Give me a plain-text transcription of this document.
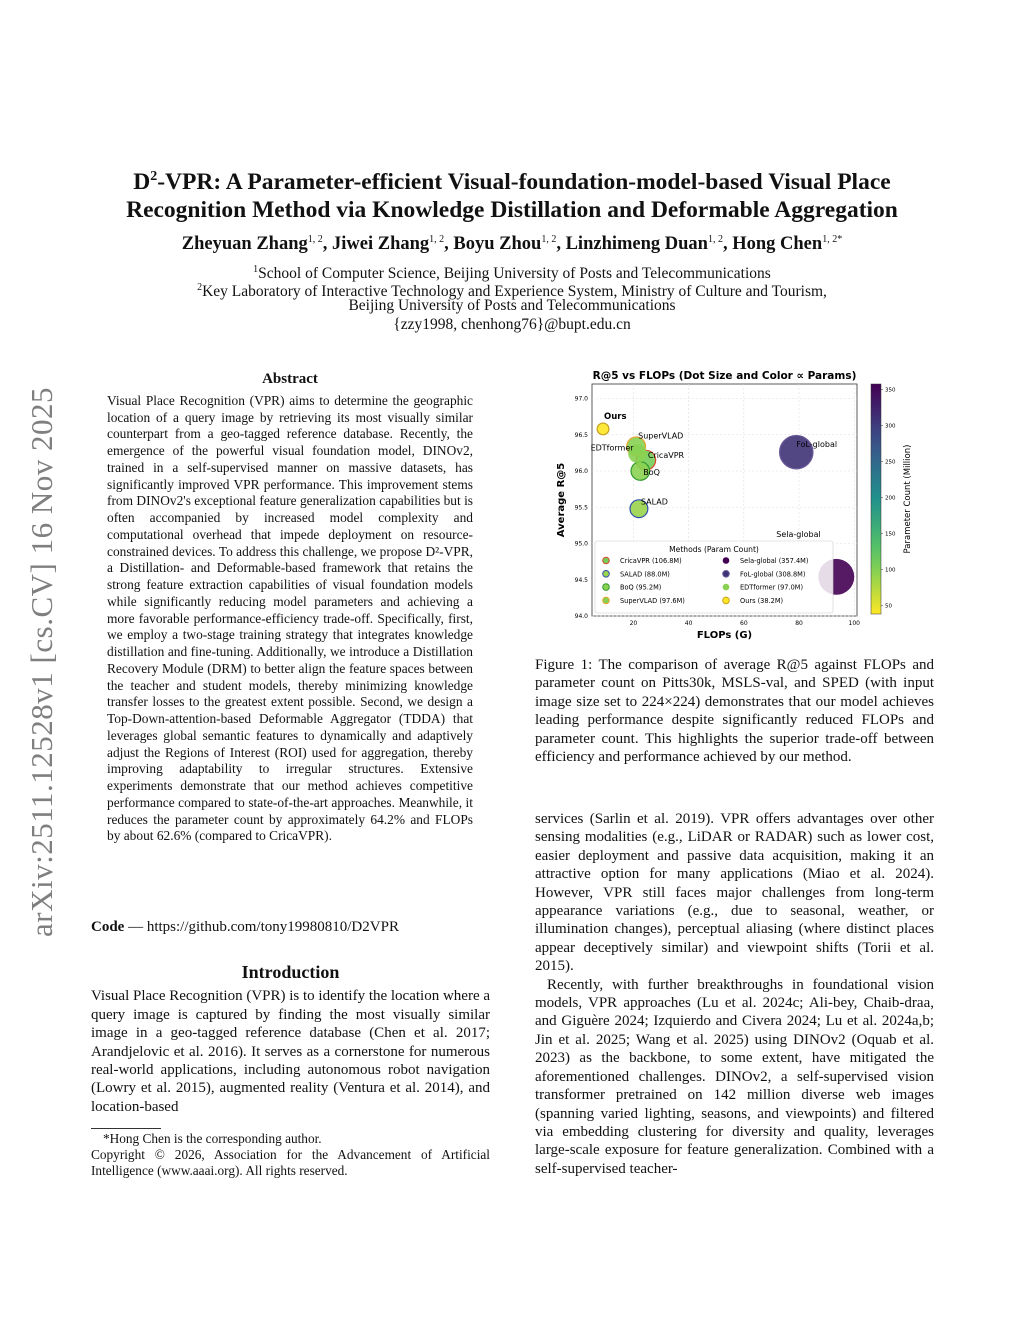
arXiv:2511.12528v1 [cs.CV] 16 Nov 2025
$D^2$-VPR: A Parameter-efficient Visual-foundation-model-based Visual Place
Recognition Method via Knowledge Distillation and Deformable Aggregation
Zheyuan Zhang$^{1, 2}$, Jiwei Zhang$^{1, 2}$, Boyu Zhou$^{1, 2}$, Linzhimeng Duan$^{1, 2}$, Hong Chen$^{1, 2*}$
$^1$School of Computer Science, Beijing University of Posts and Telecommunications
$^2$Key Laboratory of Interactive Technology and Experience System, Ministry of Culture and Tourism,
Beijing University of Posts and Telecommunications
{zzy1998, chenhong76}@bupt.edu.cn
Abstract

Visual Place Recognition (VPR) aims to determine the geographic location of a query image by retrieving its most visually similar counterpart from a geo-tagged reference database. Recently, the emergence of the powerful visual foundation model, DINOv2, trained in a self-supervised manner on massive datasets, has significantly improved VPR performance. This improvement stems from DINOv2's exceptional feature generalization capabilities but is often accompanied by increased model complexity and computational overhead that impede deployment on resource-constrained devices. To address this challenge, we propose D²-VPR, a Distillation- and Deformable-based framework that retains the strong feature extraction capabilities of visual foundation models while significantly reducing model parameters and achieving a more favorable performance-efficiency trade-off. Specifically, first, we employ a two-stage training strategy that integrates knowledge distillation and fine-tuning. Additionally, we introduce a Distillation Recovery Module (DRM) to better align the feature spaces between the teacher and student models, thereby minimizing knowledge transfer losses to the greatest extent possible. Second, we design a Top-Down-attention-based Deformable Aggregator (TDDA) that leverages global semantic features to dynamically and adaptively adjust the Regions of Interest (ROI) used for aggregation, thereby improving adaptability to irregular structures. Extensive experiments demonstrate that our method achieves competitive performance compared to state-of-the-art approaches. Meanwhile, it reduces the parameter count by approximately 64.2% and FLOPs by about 62.6% (compared to CricaVPR).

Code — https://github.com/tony19980810/D2VPR
Introduction

Visual Place Recognition (VPR) is to identify the location where a query image is captured by finding the most visually similar image in a geo-tagged reference database (Chen et al. 2017; Arandjelovic et al. 2016). It serves as a cornerstone for numerous real-world applications, including autonomous robot navigation (Lowry et al. 2015), augmented reality (Ventura et al. 2014), and location-based

*Hong Chen is the corresponding author.
Copyright © 2026, Association for the Advancement of Artificial Intelligence (www.aaai.org). All rights reserved.
R@5 vs FLOPs (Dot Size and Color ∝ Params)
20	40	60	80	100
94.0
94.5
95.0
95.5
96.0
96.5
97.0
FLOPs (G)
Average R@5
CricaVPR
SALAD
BoQ
SuperVLAD
Sela-global
FoL-global
EDTformer
Ours
Methods (Param Count)
CricaVPR (106.8M)
SALAD (88.0M)
BoQ (95.2M)
SuperVLAD (97.6M)
Sela-global (357.4M)
FoL-global (308.8M)
EDTformer (97.0M)
Ours (38.2M)
50
100
150
200
250
300
350
Parameter Count (Million)
Figure 1: The comparison of average R@5 against FLOPs and parameter count on Pitts30k, MSLS-val, and SPED (with input image size set to 224×224) demonstrates that our model achieves leading performance despite significantly reduced FLOPs and parameter count. This highlights the superior trade-off between efficiency and performance achieved by our method.

services (Sarlin et al. 2019). VPR offers advantages over other sensing modalities (e.g., LiDAR or RADAR) such as lower cost, easier deployment and passive data acquisition, making it an attractive option for many applications (Miao et al. 2024). However, VPR still faces major challenges from long-term appearance variations (e.g., due to seasonal, weather, or illumination changes), perceptual aliasing (where distinct places appear deceptively similar) and viewpoint shifts (Torii et al. 2015).

Recently, with further breakthroughs in foundational vision models, VPR approaches (Lu et al. 2024c; Ali-bey, Chaib-draa, and Giguère 2024; Izquierdo and Civera 2024; Lu et al. 2024a,b; Jin et al. 2025; Wang et al. 2025) using DINOv2 (Oquab et al. 2023) as the backbone, to some extent, have mitigated the aforementioned challenges. DINOv2, a self-supervised vision transformer pretrained on 142 million diverse web images (spanning varied lighting, seasons, and viewpoints) and filtered via embedding clustering for diversity and quality, leverages large-scale exposure for feature generalization. Combined with a self-supervised teacher-
